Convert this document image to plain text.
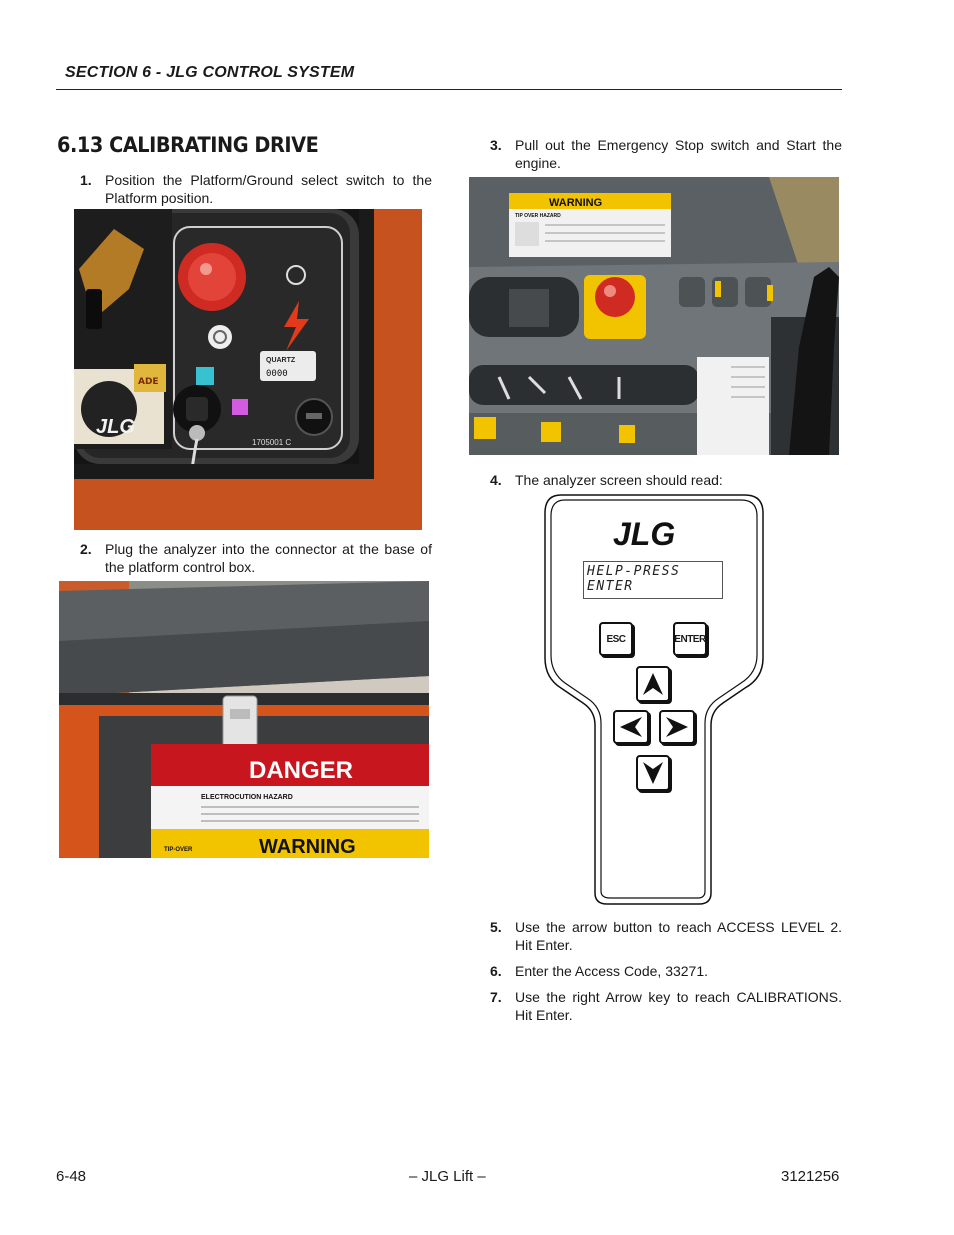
SECTION 6 - JLG CONTROL SYSTEM
6.13 CALIBRATING DRIVE
1. Position the Platform/Ground select switch to the Platform position.
ADE
JLG
QUARTZ
0000
1705001 C
2. Plug the analyzer into the connector at the base of the platform control box.
DANGER
ELECTROCUTION HAZARD
WARNING
TIP-OVER
3. Pull out the Emergency Stop switch and Start the engine.
WARNING
TIP OVER HAZARD
4. The analyzer screen should read:
JLG
HELP-PRESS ENTER
ESC	ENTER
5. Use the arrow button to reach ACCESS LEVEL 2. Hit Enter.
6. Enter the Access Code, 33271.
7. Use the right Arrow key to reach CALIBRATIONS. Hit Enter.
6-48	– JLG Lift –	3121256
